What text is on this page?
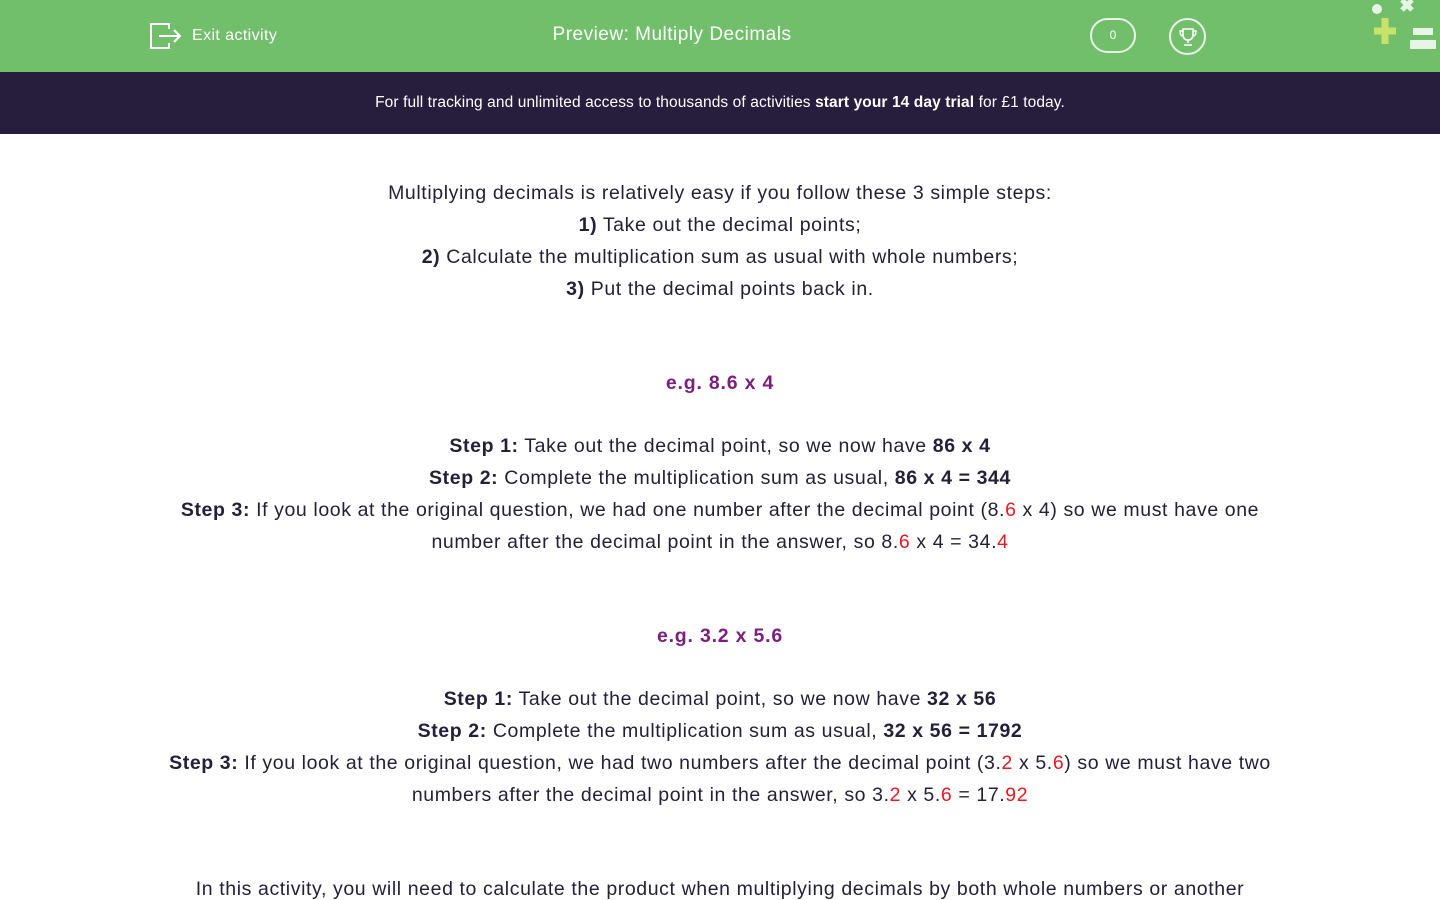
Exit activity	Preview: Multiply Decimals	0
For full tracking and unlimited access to thousands of activities start your 14 day trial for £1 today.
Multiplying decimals is relatively easy if you follow these 3 simple steps:
1) Take out the decimal points;
2) Calculate the multiplication sum as usual with whole numbers;
3) Put the decimal points back in.
e.g. 8.6 x 4
Step 1: Take out the decimal point, so we now have 86 x 4
Step 2: Complete the multiplication sum as usual, 86 x 4 = 344
Step 3: If you look at the original question, we had one number after the decimal point (8.6 x 4) so we must have one number after the decimal point in the answer, so 8.6 x 4 = 34.4
e.g. 3.2 x 5.6
Step 1: Take out the decimal point, so we now have 32 x 56
Step 2: Complete the multiplication sum as usual, 32 x 56 = 1792
Step 3: If you look at the original question, we had two numbers after the decimal point (3.2 x 5.6) so we must have two numbers after the decimal point in the answer, so 3.2 x 5.6 = 17.92
In this activity, you will need to calculate the product when multiplying decimals by both whole numbers or another
